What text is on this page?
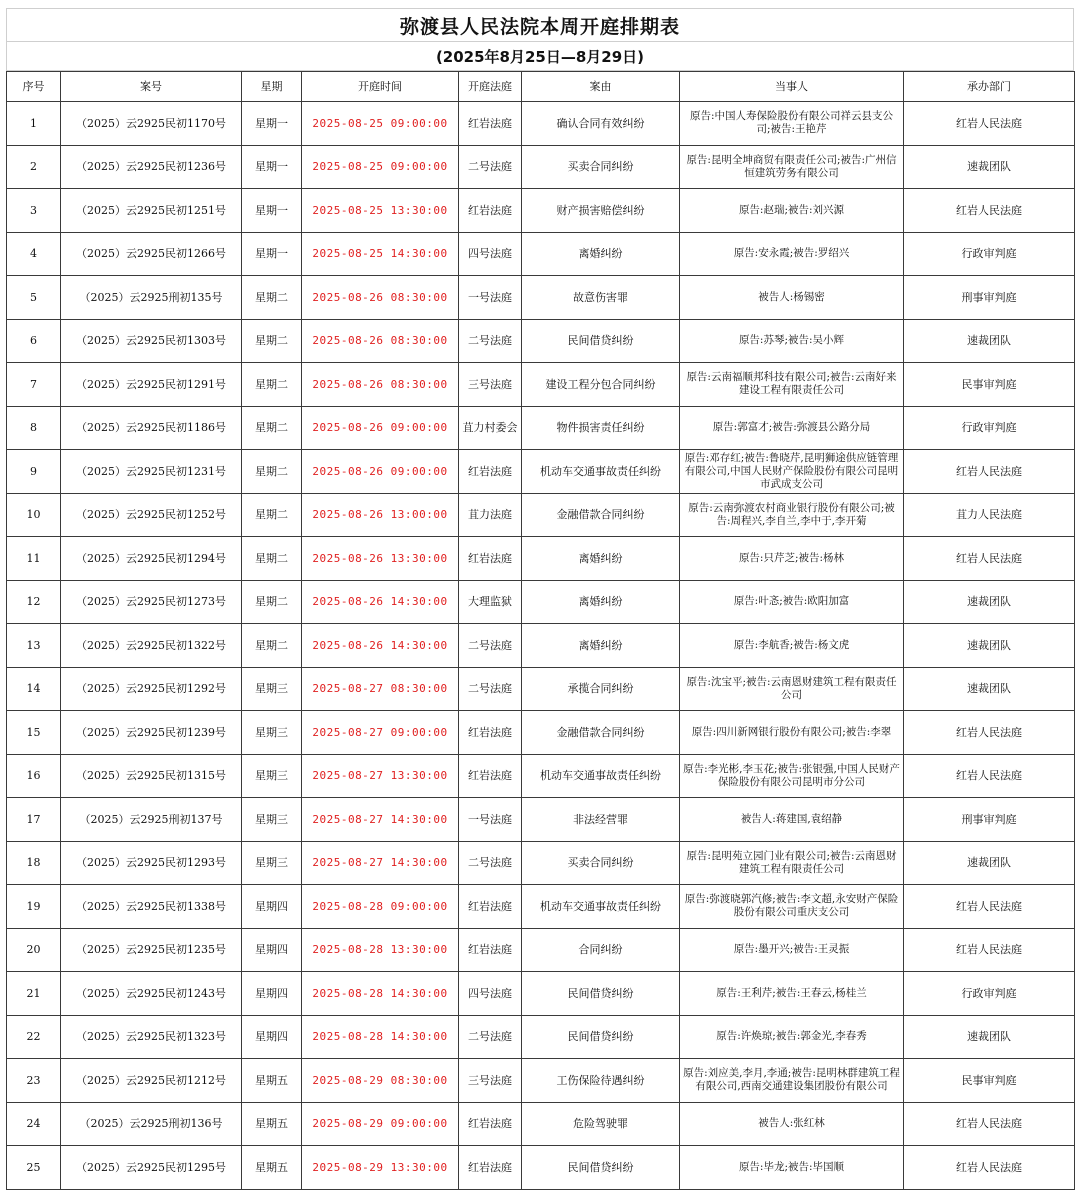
弥渡县人民法院本周开庭排期表
(2025年8月25日—8月29日)
序号	案号	星期	开庭时间	开庭法庭	案由	当事人	承办部门
1	（2025）云2925民初1170号	星期一	2025-08-25 09:00:00	红岩法庭	确认合同有效纠纷	原告:中国人寿保险股份有限公司祥云县支公司;被告:王艳芹	红岩人民法庭
2	（2025）云2925民初1236号	星期一	2025-08-25 09:00:00	二号法庭	买卖合同纠纷	原告:昆明全坤商贸有限责任公司;被告:广州信恒建筑劳务有限公司	速裁团队
3	（2025）云2925民初1251号	星期一	2025-08-25 13:30:00	红岩法庭	财产损害赔偿纠纷	原告:赵瑞;被告:刘兴源	红岩人民法庭
4	（2025）云2925民初1266号	星期一	2025-08-25 14:30:00	四号法庭	离婚纠纷	原告:安永霞;被告:罗绍兴	行政审判庭
5	（2025）云2925刑初135号	星期二	2025-08-26 08:30:00	一号法庭	故意伤害罪	被告人:杨锡密	刑事审判庭
6	（2025）云2925民初1303号	星期二	2025-08-26 08:30:00	二号法庭	民间借贷纠纷	原告:苏琴;被告:吴小辉	速裁团队
7	（2025）云2925民初1291号	星期二	2025-08-26 08:30:00	三号法庭	建设工程分包合同纠纷	原告:云南福顺邦科技有限公司;被告:云南好来建设工程有限责任公司	民事审判庭
8	（2025）云2925民初1186号	星期二	2025-08-26 09:00:00	苴力村委会	物件损害责任纠纷	原告:郭富才;被告:弥渡县公路分局	行政审判庭
9	（2025）云2925民初1231号	星期二	2025-08-26 09:00:00	红岩法庭	机动车交通事故责任纠纷	原告:邓存红;被告:鲁晓芹,昆明狮途供应链管理有限公司,中国人民财产保险股份有限公司昆明市武成支公司	红岩人民法庭
10	（2025）云2925民初1252号	星期二	2025-08-26 13:00:00	苴力法庭	金融借款合同纠纷	原告:云南弥渡农村商业银行股份有限公司;被告:周程兴,李自兰,李中于,李开菊	苴力人民法庭
11	（2025）云2925民初1294号	星期二	2025-08-26 13:30:00	红岩法庭	离婚纠纷	原告:只芹芝;被告:杨林	红岩人民法庭
12	（2025）云2925民初1273号	星期二	2025-08-26 14:30:00	大理监狱	离婚纠纷	原告:叶忞;被告:欧阳加富	速裁团队
13	（2025）云2925民初1322号	星期二	2025-08-26 14:30:00	二号法庭	离婚纠纷	原告:李航香;被告:杨文虎	速裁团队
14	（2025）云2925民初1292号	星期三	2025-08-27 08:30:00	二号法庭	承揽合同纠纷	原告:沈宝平;被告:云南恩财建筑工程有限责任公司	速裁团队
15	（2025）云2925民初1239号	星期三	2025-08-27 09:00:00	红岩法庭	金融借款合同纠纷	原告:四川新网银行股份有限公司;被告:李翠	红岩人民法庭
16	（2025）云2925民初1315号	星期三	2025-08-27 13:30:00	红岩法庭	机动车交通事故责任纠纷	原告:李光彬,李玉花;被告:张银强,中国人民财产保险股份有限公司昆明市分公司	红岩人民法庭
17	（2025）云2925刑初137号	星期三	2025-08-27 14:30:00	一号法庭	非法经营罪	被告人:蒋建国,袁绍静	刑事审判庭
18	（2025）云2925民初1293号	星期三	2025-08-27 14:30:00	二号法庭	买卖合同纠纷	原告:昆明苑立园门业有限公司;被告:云南恩财建筑工程有限责任公司	速裁团队
19	（2025）云2925民初1338号	星期四	2025-08-28 09:00:00	红岩法庭	机动车交通事故责任纠纷	原告:弥渡晓郭汽修;被告:李文超,永安财产保险股份有限公司重庆支公司	红岩人民法庭
20	（2025）云2925民初1235号	星期四	2025-08-28 13:30:00	红岩法庭	合同纠纷	原告:墨开兴;被告:王灵振	红岩人民法庭
21	（2025）云2925民初1243号	星期四	2025-08-28 14:30:00	四号法庭	民间借贷纠纷	原告:王利芹;被告:王春云,杨桂兰	行政审判庭
22	（2025）云2925民初1323号	星期四	2025-08-28 14:30:00	二号法庭	民间借贷纠纷	原告:许焕琼;被告:郭金光,李春秀	速裁团队
23	（2025）云2925民初1212号	星期五	2025-08-29 08:30:00	三号法庭	工伤保险待遇纠纷	原告:刘应美,李月,李通;被告:昆明林群建筑工程有限公司,西南交通建设集团股份有限公司	民事审判庭
24	（2025）云2925刑初136号	星期五	2025-08-29 09:00:00	红岩法庭	危险驾驶罪	被告人:张红林	红岩人民法庭
25	（2025）云2925民初1295号	星期五	2025-08-29 13:30:00	红岩法庭	民间借贷纠纷	原告:毕龙;被告:毕国顺	红岩人民法庭
